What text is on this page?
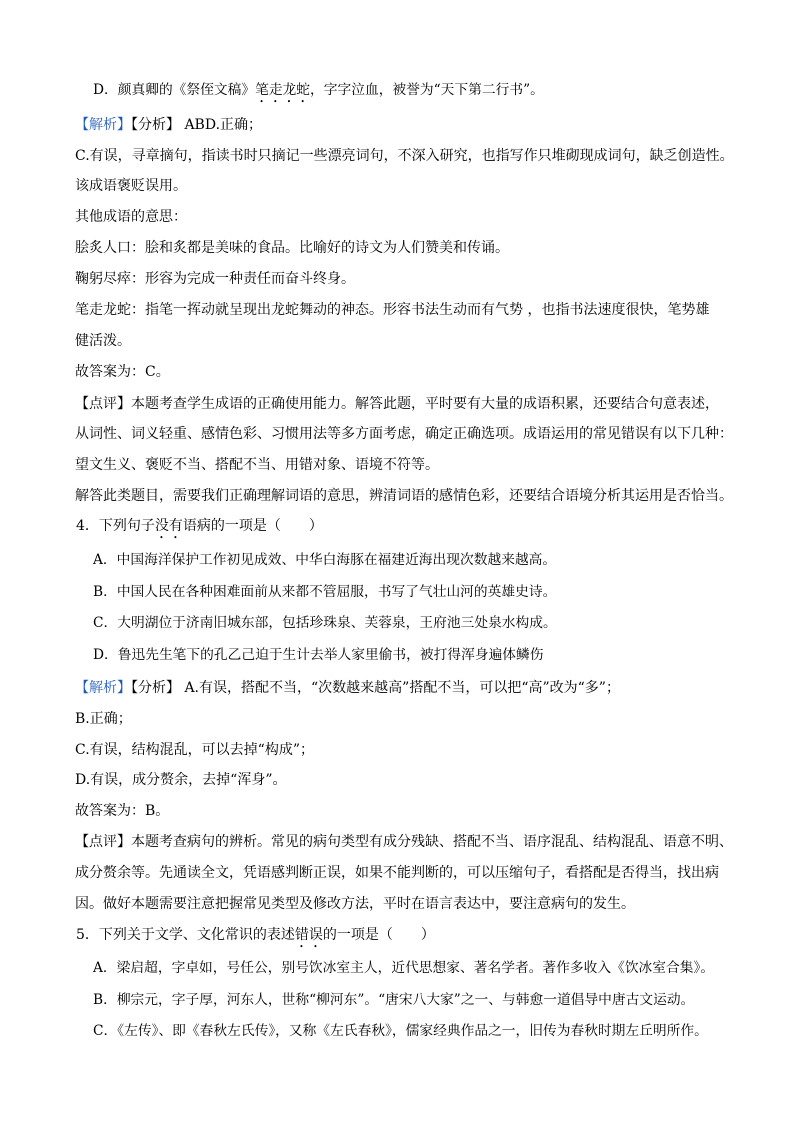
D．颜真卿的《祭侄文稿》笔走龙蛇，字字泣血，被誉为“天下第二行书”。
【解析】【分析】 ABD.正确；
C.有误，寻章摘句，指读书时只摘记一些漂亮词句，不深入研究，也指写作只堆砌现成词句，缺乏创造性。
该成语褒贬误用。
其他成语的意思：
脍炙人口：脍和炙都是美味的食品。比喻好的诗文为人们赞美和传诵。
鞠躬尽瘁：形容为完成一种责任而奋斗终身。
笔走龙蛇：指笔一挥动就呈现出龙蛇舞动的神态。形容书法生动而有气势 ，也指书法速度很快，笔势雄
健活泼。
故答案为：C。
【点评】本题考查学生成语的正确使用能力。解答此题，平时要有大量的成语积累，还要结合句意表述，
从词性、词义轻重、感情色彩、习惯用法等多方面考虑，确定正确选项。成语运用的常见错误有以下几种：
望文生义、褒贬不当、搭配不当、用错对象、语境不符等。
解答此类题目，需要我们正确理解词语的意思，辨清词语的感情色彩，还要结合语境分析其运用是否恰当。
4．下列句子没有语病的一项是（　　）
A．中国海洋保护工作初见成效、中华白海豚在福建近海出现次数越来越高。
B．中国人民在各种困难面前从来都不管屈服，书写了气壮山河的英雄史诗。
C．大明湖位于济南旧城东部，包括珍珠泉、芙蓉泉，王府池三处泉水构成。
D．鲁迅先生笔下的孔乙己迫于生计去举人家里偷书，被打得浑身遍体鳞伤
【解析】【分析】 A.有误，搭配不当，“次数越来越高”搭配不当，可以把“高”改为“多”；
B.正确；
C.有误，结构混乱，可以去掉“构成”；
D.有误，成分赘余，去掉“浑身”。
故答案为：B。
【点评】本题考查病句的辨析。常见的病句类型有成分残缺、搭配不当、语序混乱、结构混乱、语意不明、
成分赘余等。先通读全文，凭语感判断正误，如果不能判断的，可以压缩句子，看搭配是否得当，找出病
因。做好本题需要注意把握常见类型及修改方法，平时在语言表达中，要注意病句的发生。
5．下列关于文学、文化常识的表述错误的一项是（　　）
A．梁启超，字卓如，号任公，别号饮冰室主人，近代思想家、著名学者。著作多收入《饮冰室合集》。
B．柳宗元，字子厚，河东人，世称“柳河东”。“唐宋八大家”之一、与韩愈一道倡导中唐古文运动。
C．《左传》、即《春秋左氏传》，又称《左氏春秋》，儒家经典作品之一，旧传为春秋时期左丘明所作。
